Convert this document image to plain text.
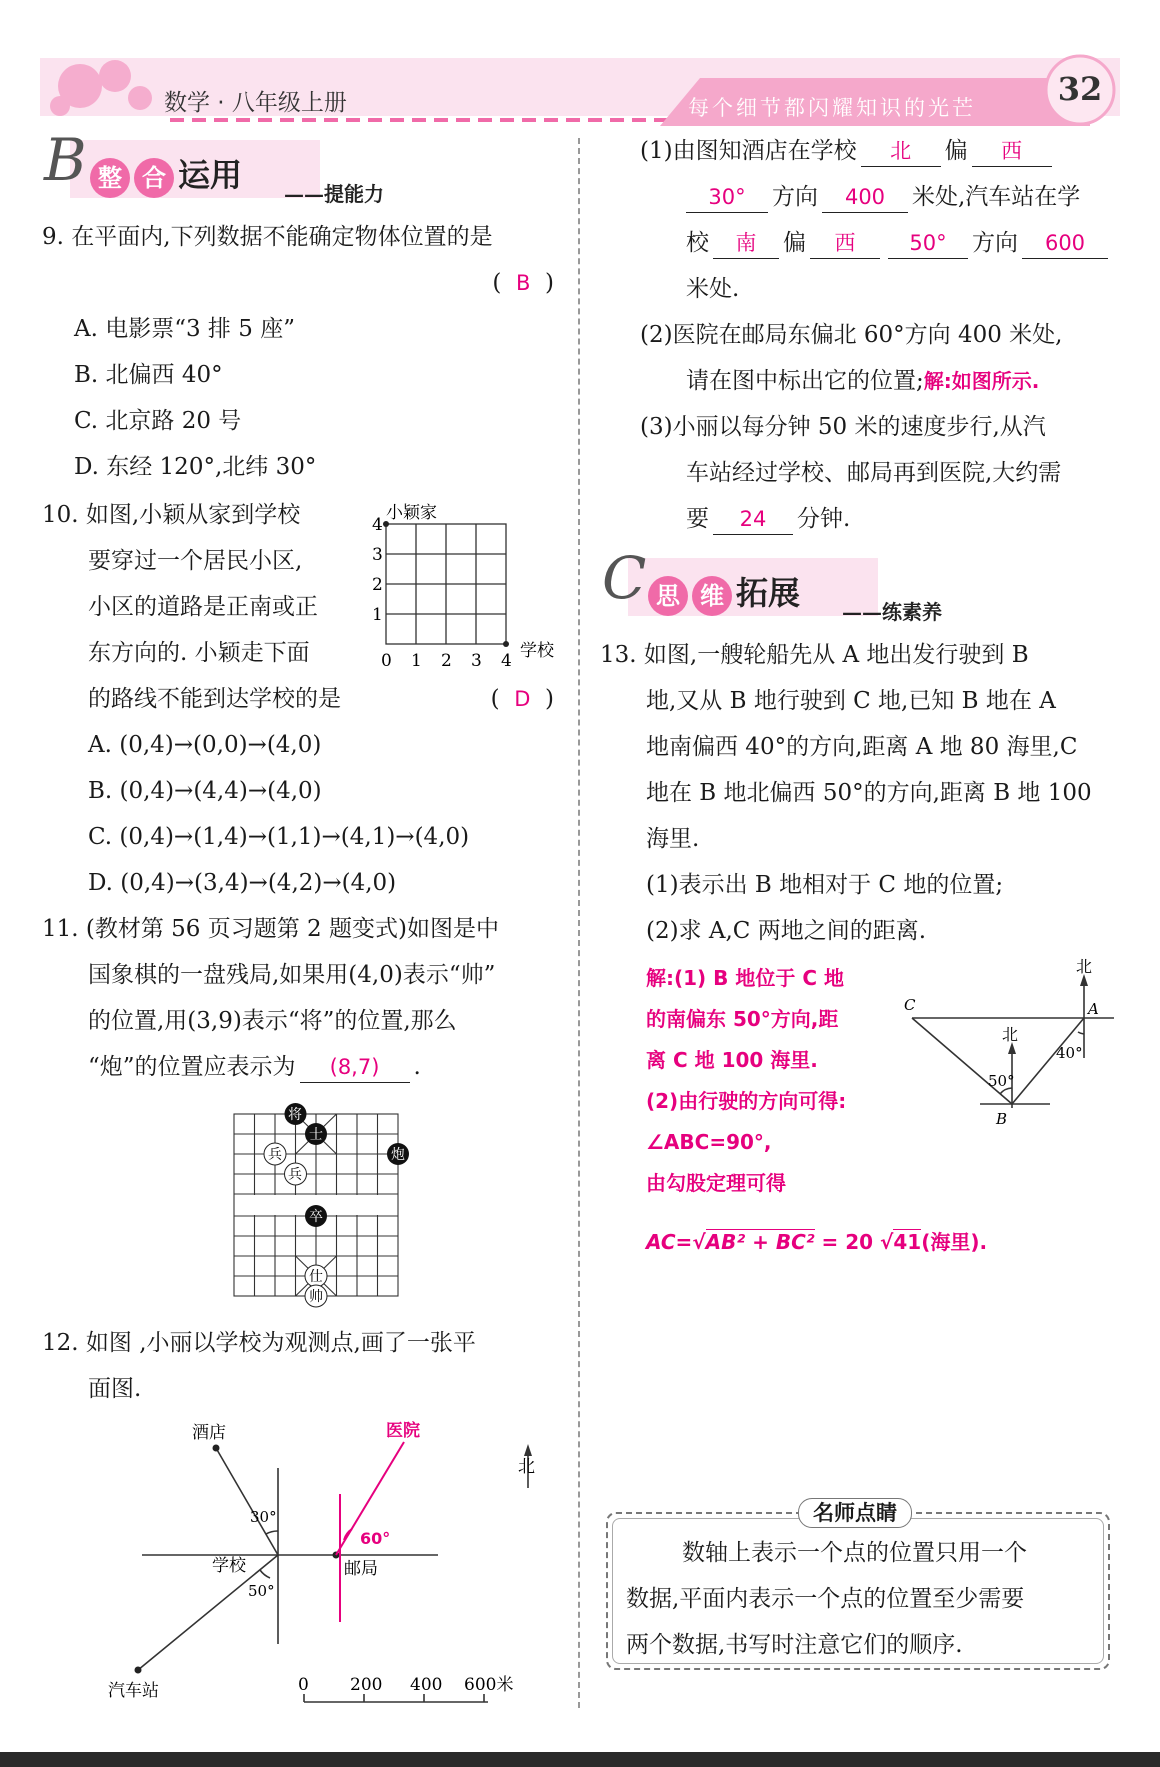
数学 · 八年级上册	每个细节都闪耀知识的光芒	32
B 整 合 运用 ——提能力
9. 在平面内,下列数据不能确定物体位置的是
(  B  )
A. 电影票“3 排 5 座”
B. 北偏西 40°
C. 北京路 20 号
D. 东经 120°,北纬 30°
10. 如图,小颖从家到学校
要穿过一个居民小区,
小区的道路是正南或正
东方向的. 小颖走下面
的路线不能到达学校的是	(  D  )
A. (0,4)→(0,0)→(4,0)
B. (0,4)→(4,4)→(4,0)
C. (0,4)→(1,4)→(1,1)→(4,1)→(4,0)
D. (0,4)→(3,4)→(4,2)→(4,0)
小颖家
学校
0 1 2 3 4
1
2
3
4
11. (教材第 56 页习题第 2 题变式)如图是中
国象棋的一盘残局,如果用(4,0)表示“帅”
的位置,用(3,9)表示“将”的位置,那么
“炮”的位置应表示为 (8,7) .
将
士
炮
兵
兵
卒
仕
帅
12. 如图 ,小丽以学校为观测点,画了一张平
面图.
酒店	医院
北
30°
60°
学校	邮局
50°
汽车站	0 200 400 600米
(1)由图知酒店在学校 北 偏 西
30° 方向 400 米处,汽车站在学
校 南 偏 西	50° 方向 600
米处.
(2)医院在邮局东偏北 60°方向 400 米处,
请在图中标出它的位置;解:如图所示.
(3)小丽以每分钟 50 米的速度步行,从汽
车站经过学校、邮局再到医院,大约需
要 24 分钟.
C 思 维 拓展 ——练素养
13. 如图,一艘轮船先从 A 地出发行驶到 B
地,又从 B 地行驶到 C 地,已知 B 地在 A
地南偏西 40°的方向,距离 A 地 80 海里,C
地在 B 地北偏西 50°的方向,距离 B 地 100
海里.
(1)表示出 B 地相对于 C 地的位置;
(2)求 A,C 两地之间的距离.
解:(1) B 地位于 C 地
的南偏东 50°方向,距
离 C 地 100 海里.
(2)由行驶的方向可得:
∠ABC=90°,
由勾股定理可得
AC=√AB² + BC² = 20 √41(海里).
北
北
A
B
C
40°
50°
名师点睛
数轴上表示一个点的位置只用一个
数据,平面内表示一个点的位置至少需要
两个数据,书写时注意它们的顺序.
